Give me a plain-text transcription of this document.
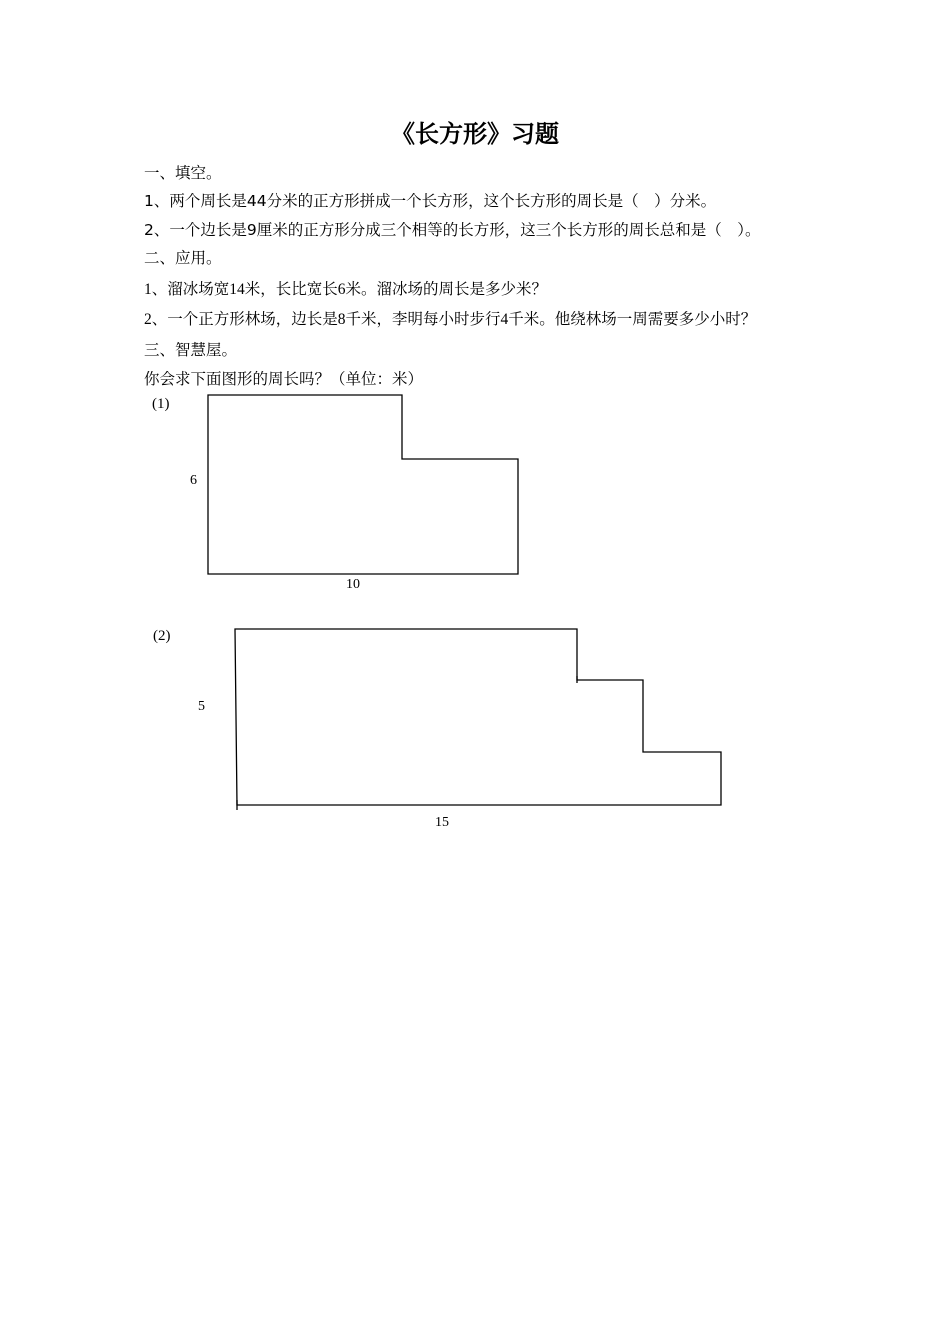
《长方形》习题
一、填空。
1、两个周长是44分米的正方形拼成一个长方形，这个长方形的周长是（　）分米。
2、一个边长是9厘米的正方形分成三个相等的长方形，这三个长方形的周长总和是（　）。
二、应用。
1、溜冰场宽14米，长比宽长6米。溜冰场的周长是多少米？
2、一个正方形林场，边长是8千米，李明每小时步行4千米。他绕林场一周需要多少小时？
三、智慧屋。
你会求下面图形的周长吗？（单位：米）
(1)
6
10
(2)
5
15
